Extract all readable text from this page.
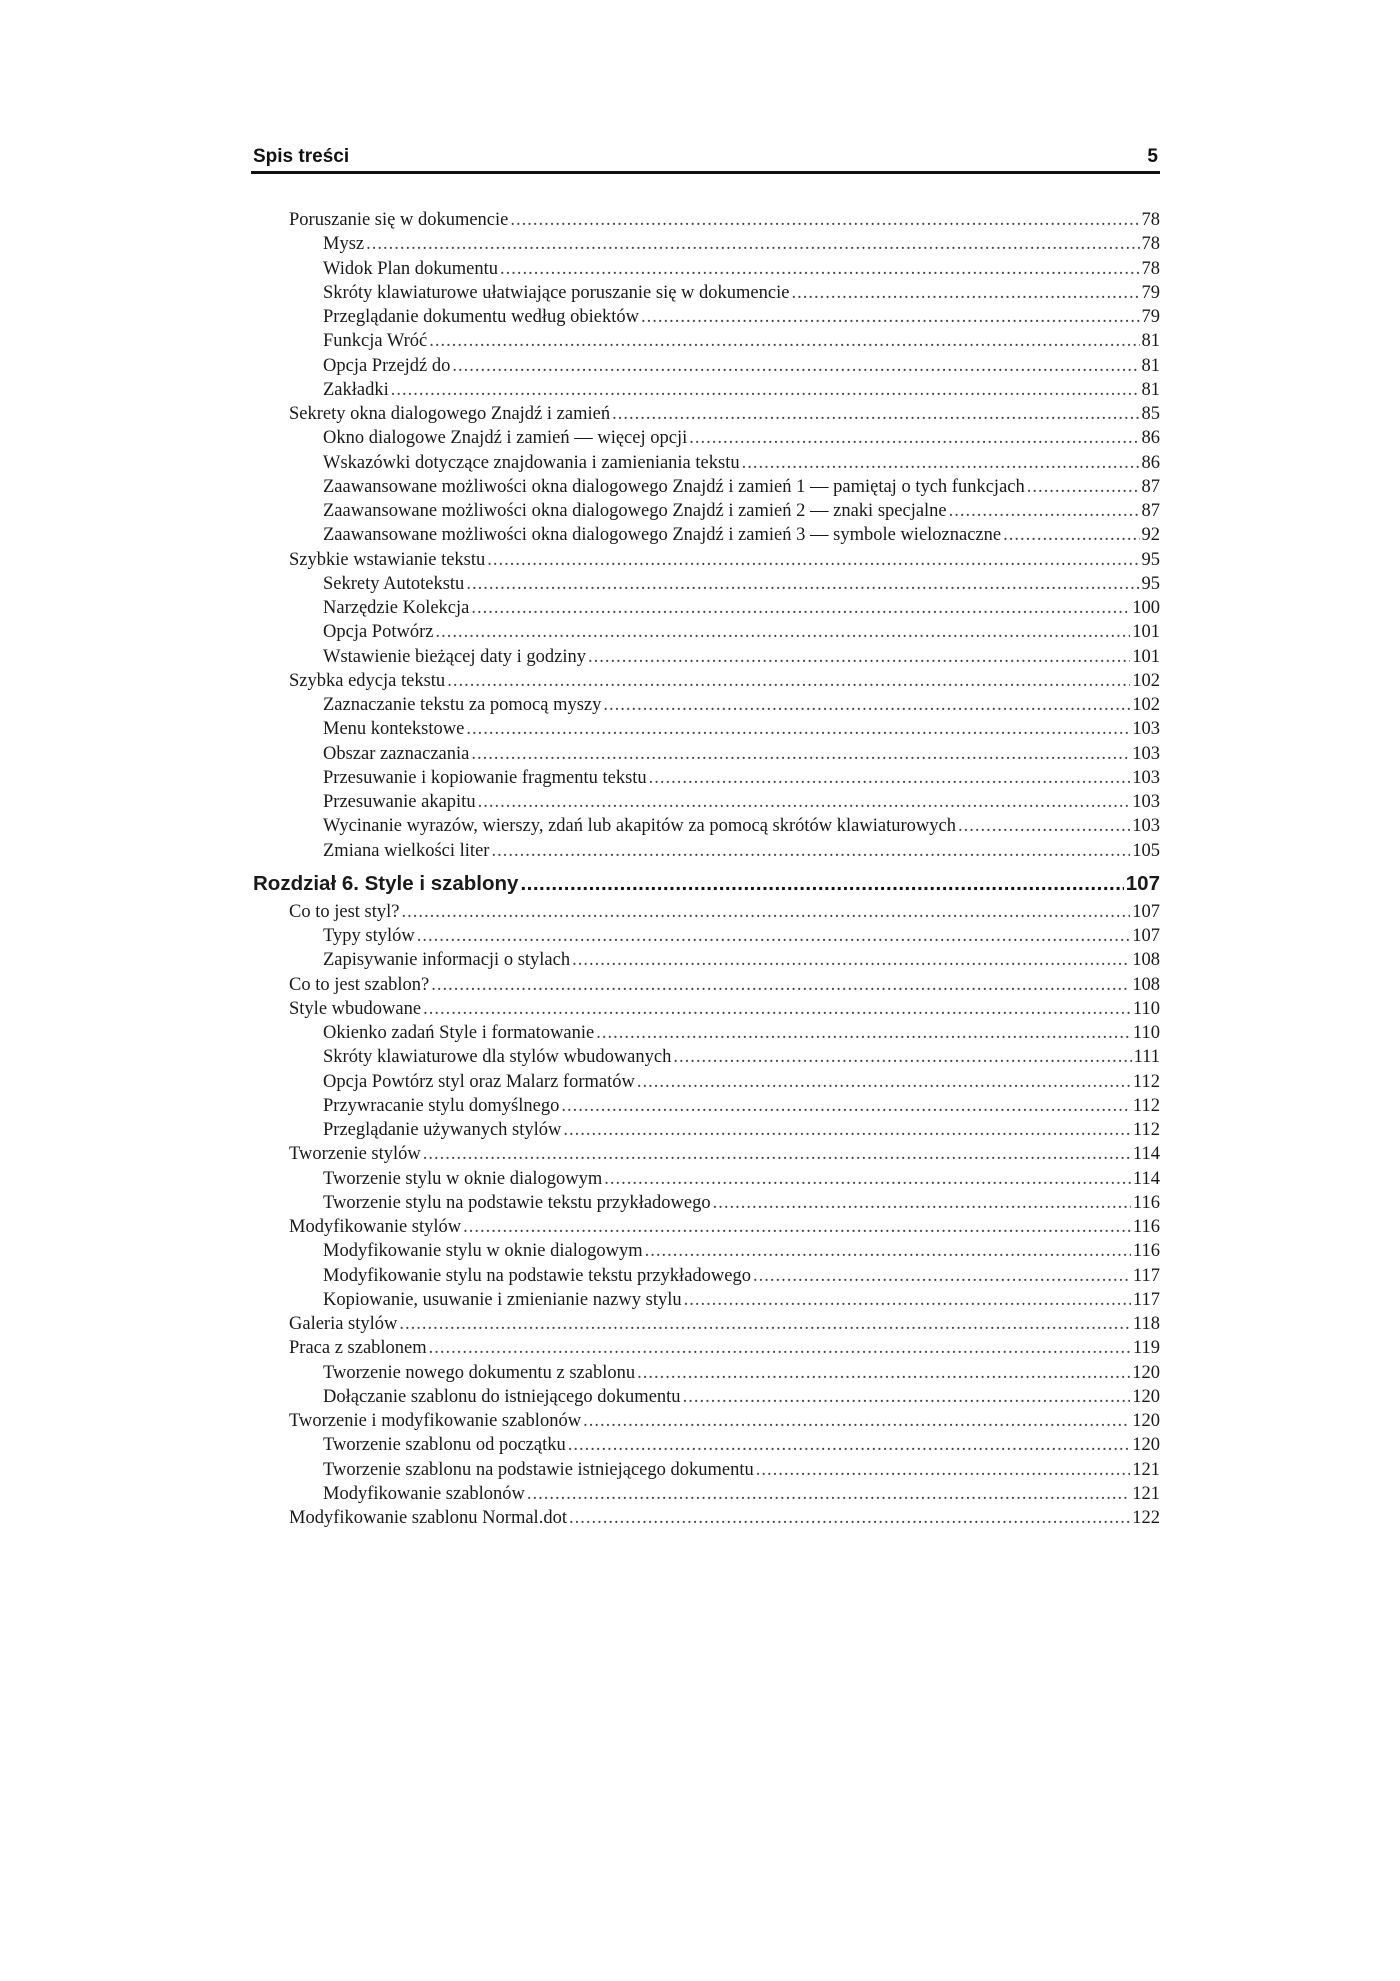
Spis treści	5
Poruszanie się w dokumencie .....	78
Mysz .....	78
Widok Plan dokumentu .....	78
Skróty klawiaturowe ułatwiające poruszanie się w dokumencie .....	79
Przeglądanie dokumentu według obiektów .....	79
Funkcja Wróć .....	81
Opcja Przejdź do .....	81
Zakładki .....	81
Sekrety okna dialogowego Znajdź i zamień .....	85
Okno dialogowe Znajdź i zamień — więcej opcji .....	86
Wskazówki dotyczące znajdowania i zamieniania tekstu .....	86
Zaawansowane możliwości okna dialogowego Znajdź i zamień 1 — pamiętaj o tych funkcjach .....	87
Zaawansowane możliwości okna dialogowego Znajdź i zamień 2 — znaki specjalne .....	87
Zaawansowane możliwości okna dialogowego Znajdź i zamień 3 — symbole wieloznaczne .....	92
Szybkie wstawianie tekstu .....	95
Sekrety Autotekstu .....	95
Narzędzie Kolekcja .....	100
Opcja Potwórz .....	101
Wstawienie bieżącej daty i godziny .....	101
Szybka edycja tekstu .....	102
Zaznaczanie tekstu za pomocą myszy .....	102
Menu kontekstowe .....	103
Obszar zaznaczania .....	103
Przesuwanie i kopiowanie fragmentu tekstu .....	103
Przesuwanie akapitu .....	103
Wycinanie wyrazów, wierszy, zdań lub akapitów za pomocą skrótów klawiaturowych .....	103
Zmiana wielkości liter .....	105
Rozdział 6. Style i szablony .....	107
Co to jest styl? .....	107
Typy stylów .....	107
Zapisywanie informacji o stylach .....	108
Co to jest szablon? .....	108
Style wbudowane .....	110
Okienko zadań Style i formatowanie .....	110
Skróty klawiaturowe dla stylów wbudowanych .....	111
Opcja Powtórz styl oraz Malarz formatów .....	112
Przywracanie stylu domyślnego .....	112
Przeglądanie używanych stylów .....	112
Tworzenie stylów .....	114
Tworzenie stylu w oknie dialogowym .....	114
Tworzenie stylu na podstawie tekstu przykładowego .....	116
Modyfikowanie stylów .....	116
Modyfikowanie stylu w oknie dialogowym .....	116
Modyfikowanie stylu na podstawie tekstu przykładowego .....	117
Kopiowanie, usuwanie i zmienianie nazwy stylu .....	117
Galeria stylów .....	118
Praca z szablonem .....	119
Tworzenie nowego dokumentu z szablonu .....	120
Dołączanie szablonu do istniejącego dokumentu .....	120
Tworzenie i modyfikowanie szablonów .....	120
Tworzenie szablonu od początku .....	120
Tworzenie szablonu na podstawie istniejącego dokumentu .....	121
Modyfikowanie szablonów .....	121
Modyfikowanie szablonu Normal.dot .....	122
